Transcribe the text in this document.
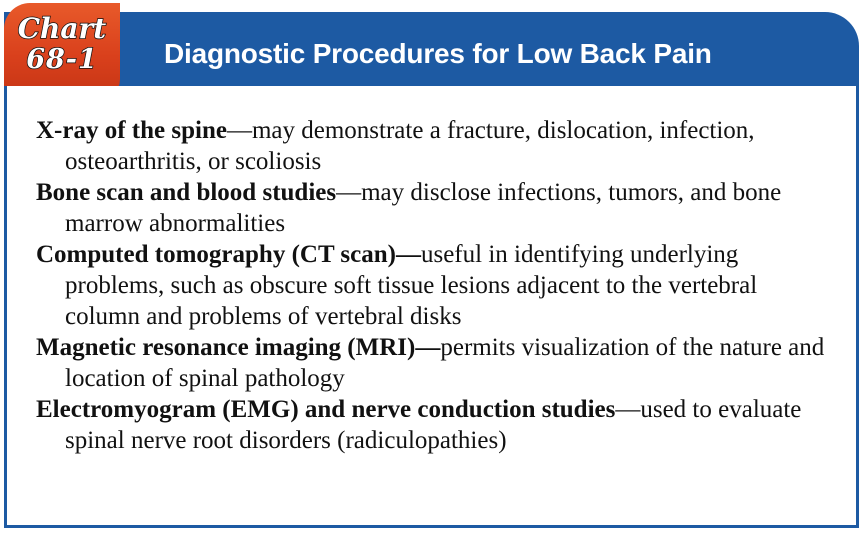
Diagnostic Procedures for Low Back Pain
Chart
68-1
X-ray of the spine—may demonstrate a fracture, dislocation, infection, osteoarthritis, or scoliosis
Bone scan and blood studies—may disclose infections, tumors, and bone marrow abnormalities
Computed tomography (CT scan)—useful in identifying underlying problems, such as obscure soft tissue lesions adjacent to the vertebral column and problems of vertebral disks
Magnetic resonance imaging (MRI)—permits visualization of the nature and location of spinal pathology
Electromyogram (EMG) and nerve conduction studies—used to evaluate spinal nerve root disorders (radiculopathies)
